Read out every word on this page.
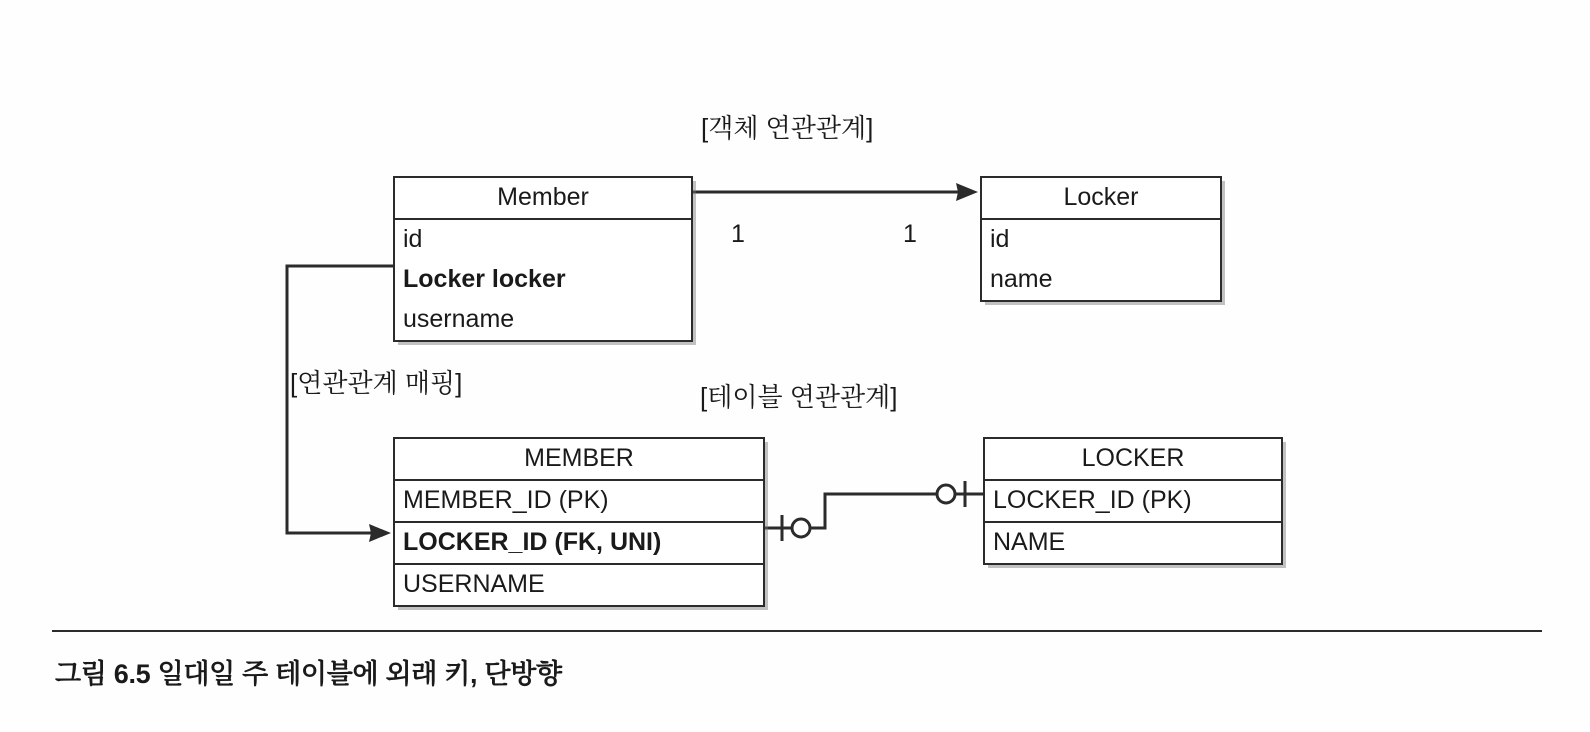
[객체 연관관계]
[연관관계 매핑]	[테이블 연관관계]
1	1
Member
id
Locker locker
username
Locker
id
name
MEMBER
MEMBER_ID (PK)
LOCKER_ID (FK, UNI)
USERNAME
LOCKER
LOCKER_ID (PK)
NAME
그림 6.5 일대일 주 테이블에 외래 키, 단방향
